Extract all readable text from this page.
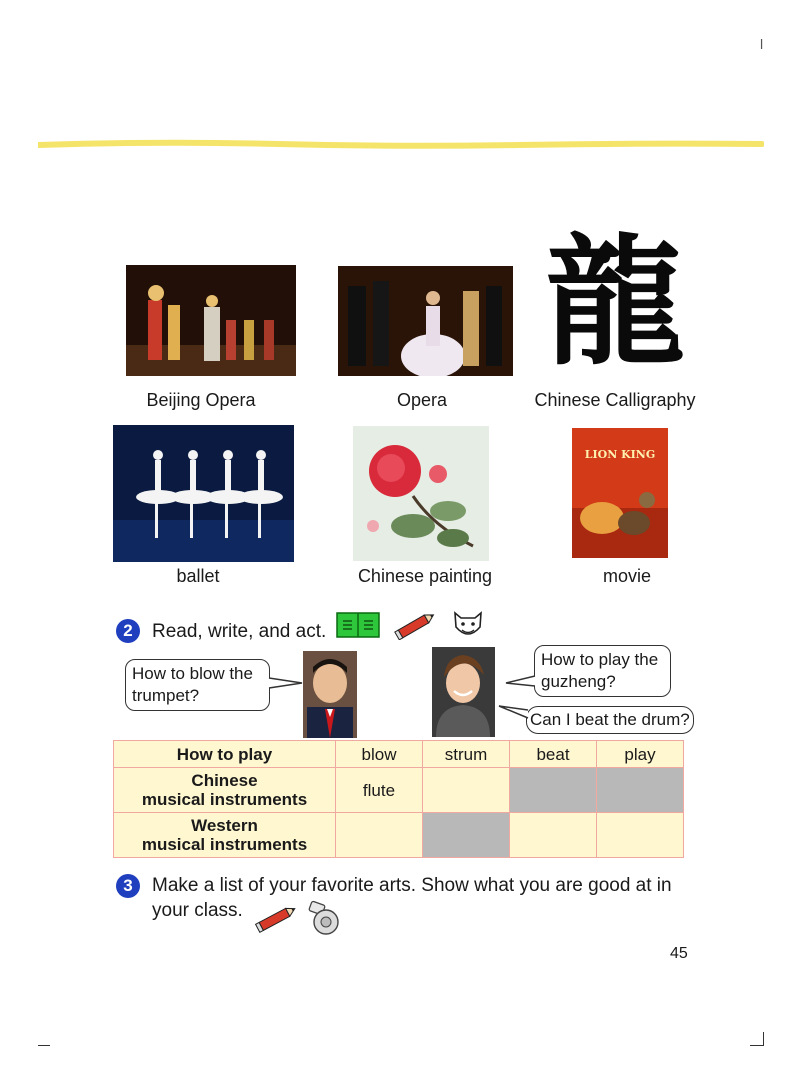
l
龍
Beijing Opera	Opera	Chinese Calligraphy
LION KING
ballet	Chinese painting	movie
2	Read, write, and act.
How to blow the trumpet?
How to play the guzheng?
Can I beat the drum?
How to play	blow	strum	beat	play

Chinese
musical instruments	flute			

Western
musical instruments				

3	Make a list of your favorite arts. Show what you are good at in
your class.
45
